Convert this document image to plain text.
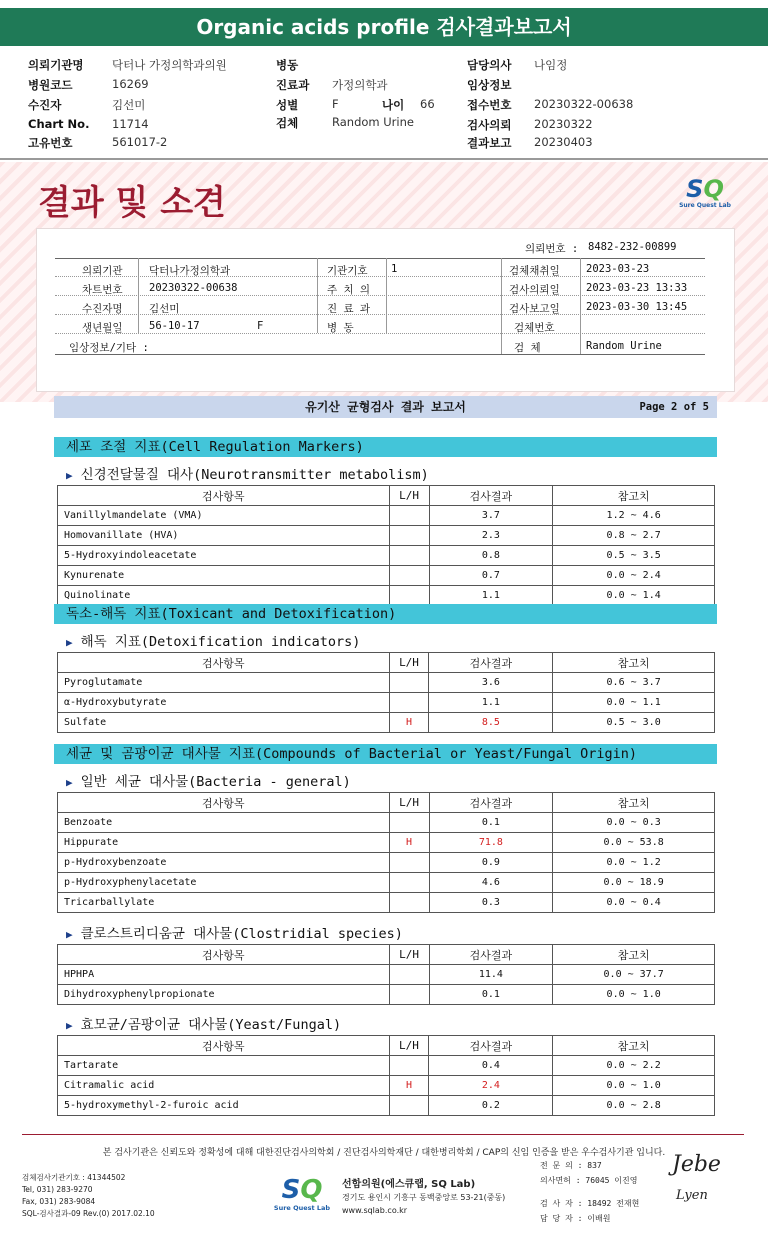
Organic acids profile 검사결과보고서
의뢰기관명 닥터나 가정의학과의원
병원코드	16269
수진자	김선미
Chart No. 11714
고유번호	561017-2
병동
진료과 가정의학과
성별	F	나이 66
검체	Random Urine
담당의사 나임정
임상정보
접수번호 20230322-00638
검사의뢰 20230322
결과보고 20230403
결과 및 소견	SQ
Sure Quest Lab
의뢰번호 : 8482-232-00899
의뢰기관	닥터나가정의학과	기관기호 1	검체채취일	2023-03-23
차트번호	20230322-00638	주 치 의	검사의뢰일	2023-03-23 13:33
수진자명	김선미	진 료 과	검사보고일	2023-03-30 13:45
생년월일	56-10-17	F	병 동	검체번호
임상정보/기타 :	검 체	Random Urine
유기산 균형검사 결과 보고서	Page 2 of 5
세포 조절 지표(Cell Regulation Markers)
▶ 신경전달물질 대사(Neurotransmitter metabolism)
검사항목	L/H	검사결과	참고치
Vanillylmandelate (VMA)		3.7	1.2 ~ 4.6
Homovanillate (HVA)		2.3	0.8 ~ 2.7
5-Hydroxyindoleacetate		0.8	0.5 ~ 3.5
Kynurenate		0.7	0.0 ~ 2.4
Quinolinate		1.1	0.0 ~ 1.4
독소-해독 지표(Toxicant and Detoxification)
▶ 해독 지표(Detoxification indicators)
검사항목	L/H	검사결과	참고치
Pyroglutamate		3.6	0.6 ~ 3.7
α-Hydroxybutyrate		1.1	0.0 ~ 1.1
Sulfate	H	8.5	0.5 ~ 3.0
세균 및 곰팡이균 대사물 지표(Compounds of Bacterial or Yeast/Fungal Origin)
▶ 일반 세균 대사물(Bacteria - general)
검사항목	L/H	검사결과	참고치
Benzoate		0.1	0.0 ~ 0.3
Hippurate	H	71.8	0.0 ~ 53.8
p-Hydroxybenzoate		0.9	0.0 ~ 1.2
p-Hydroxyphenylacetate		4.6	0.0 ~ 18.9
Tricarballylate		0.3	0.0 ~ 0.4
▶ 클로스트리디움균 대사물(Clostridial species)
검사항목	L/H	검사결과	참고치
HPHPA		11.4	0.0 ~ 37.7
Dihydroxyphenylpropionate		0.1	0.0 ~ 1.0
▶ 효모균/곰팡이균 대사물(Yeast/Fungal)
검사항목	L/H	검사결과	참고치
Tartarate		0.4	0.0 ~ 2.2
Citramalic acid	H	2.4	0.0 ~ 1.0
5-hydroxymethyl-2-furoic acid		0.2	0.0 ~ 2.8
본 검사기관은 신뢰도와 정확성에 대해 대한진단검사의학회 / 진단검사의학재단 / 대한병리학회 / CAP의 신임 인증을 받은 우수검사기관 입니다.
검체검사기관기호 : 41344502
Tel, 031) 283-9270
Fax, 031) 283-9084
SQL-검사결과-09 Rev.(0) 2017.02.10
SQ
Sure Quest Lab
선함의원(에스큐랩, SQ Lab)
경기도 용인시 기흥구 동백중앙로 53-21(중동)
www.sqlab.co.kr
전 문 의 : 837
의사면허 : 76045 이진영
검 사 자 : 18492 전재현
담 당 자 : 이배원
Jebe
Lyen
